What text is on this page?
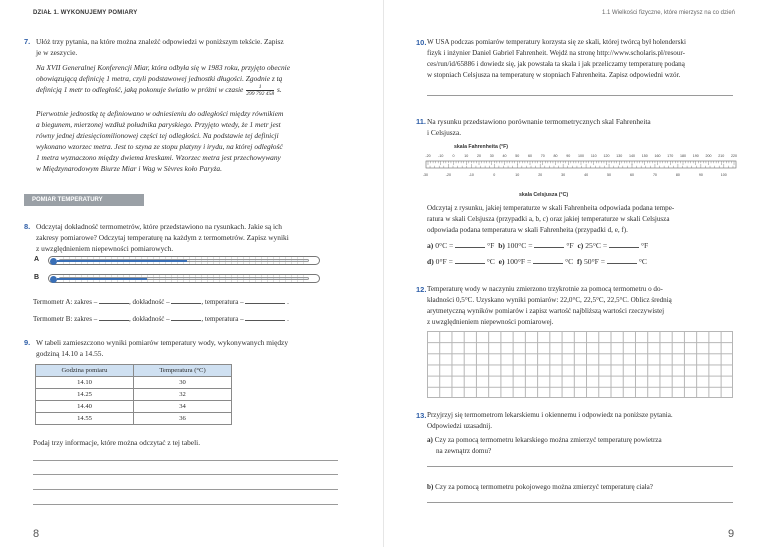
DZIAŁ 1. WYKONUJEMY POMIARY	1.1 Wielkości fizyczne, które mierzysz na co dzień
7. Ułóż trzy pytania, na które można znaleźć odpowiedzi w poniższym tekście. Zapisz
je w zeszycie.
Na XVII Generalnej Konferencji Miar, która odbyła się w 1983 roku, przyjęto obecnie
obowiązującą definicję 1 metra, czyli podstawowej jednostki długości. Zgodnie z tą
definicją 1 metr to odległość, jaką pokonuje światło w próżni w czasie $\frac{1}{299 792 458} s$.
Pierwotnie jednostkę tę definiowano w odniesieniu do odległości między równikiem
a biegunem, mierzonej wzdłuż południka paryskiego. Przyjęto wtedy, że 1 metr jest
równy jednej dziesięciomilionowej części tej odległości. Na podstawie tej definicji
wykonano wzorzec metra. Jest to szyna ze stopu platyny i irydu, na której odległość
1 metra wyznaczono między dwiema kreskami. Wzorzec metra jest przechowywany
w Międzynarodowym Biurze Miar i Wag w Sèvres koło Paryża.
POMIAR TEMPERATURY
8. Odczytaj dokładność termometrów, które przedstawiono na rysunkach. Jakie są ich
zakresy pomiarowe? Odczytaj temperaturę na każdym z termometrów. Zapisz wyniki
z uwzględnieniem niepewności pomiarowych.
A
B
Termometr A: zakres –	, dokładność –	, temperatura –	.
Termometr B: zakres –	, dokładność –	, temperatura –	.
9. W tabeli zamieszczono wyniki pomiarów temperatury wody, wykonywanych między
godziną 14.10 a 14.55.
Godzina pomiaru	Temperatura (°C)
14.10	30
14.25	32
14.40	34
14.55	36
Podaj trzy informacje, które można odczytać z tej tabeli.
8
10. W USA podczas pomiarów temperatury korzysta się ze skali, której twórcą był holenderski
fizyk i inżynier Daniel Gabriel Fahrenheit. Wejdź na stronę http://www.scholaris.pl/resour-
ces/run/id/65886 i dowiedz się, jak powstała ta skala i jak przeliczamy temperaturę podaną
w stopniach Celsjusza na temperaturę w stopniach Fahrenheita. Zapisz odpowiedni wzór.
11. Na rysunku przedstawiono porównanie termometrycznych skal Fahrenheita
i Celsjusza.
skala Fahrenheita (°F)
-20 -10	0	10 20 30 40 50 60 70 80 90 100 110 120 130 140 150 160 170 180 190 200 210 220
-30	-20	-10	0	10	20	30	40	50	60	70	80	90	100
skala Celsjusza (°C)
Odczytaj z rysunku, jakiej temperaturze w skali Fahrenheita odpowiada podana tempe-
ratura w skali Celsjusza (przypadki a, b, c) oraz jakiej temperaturze w skali Celsjusza
odpowiada podana temperatura w skali Fahrenheita (przypadki d, e, f).
a) 0°C =	°F b) 100°C =	°F c) 25°C =	°F
d) 0°F =	°C e) 100°F =	°C f) 50°F =	°C
12. Temperaturę wody w naczyniu zmierzono trzykrotnie za pomocą termometru o do-
kładności 0,5°C. Uzyskano wyniki pomiarów: 22,0°C, 22,5°C, 22,5°C. Oblicz średnią
arytmetyczną wyników pomiarów i zapisz wartość najbliższą wartości rzeczywistej
z uwzględnieniem niepewności pomiarowej.
13. Przyjrzyj się termometrom lekarskiemu i okiennemu i odpowiedz na poniższe pytania.
Odpowiedzi uzasadnij.
a) Czy za pomocą termometru lekarskiego można zmierzyć temperaturę powietrza
na zewnątrz domu?
b) Czy za pomocą termometru pokojowego można zmierzyć temperaturę ciała?
9
